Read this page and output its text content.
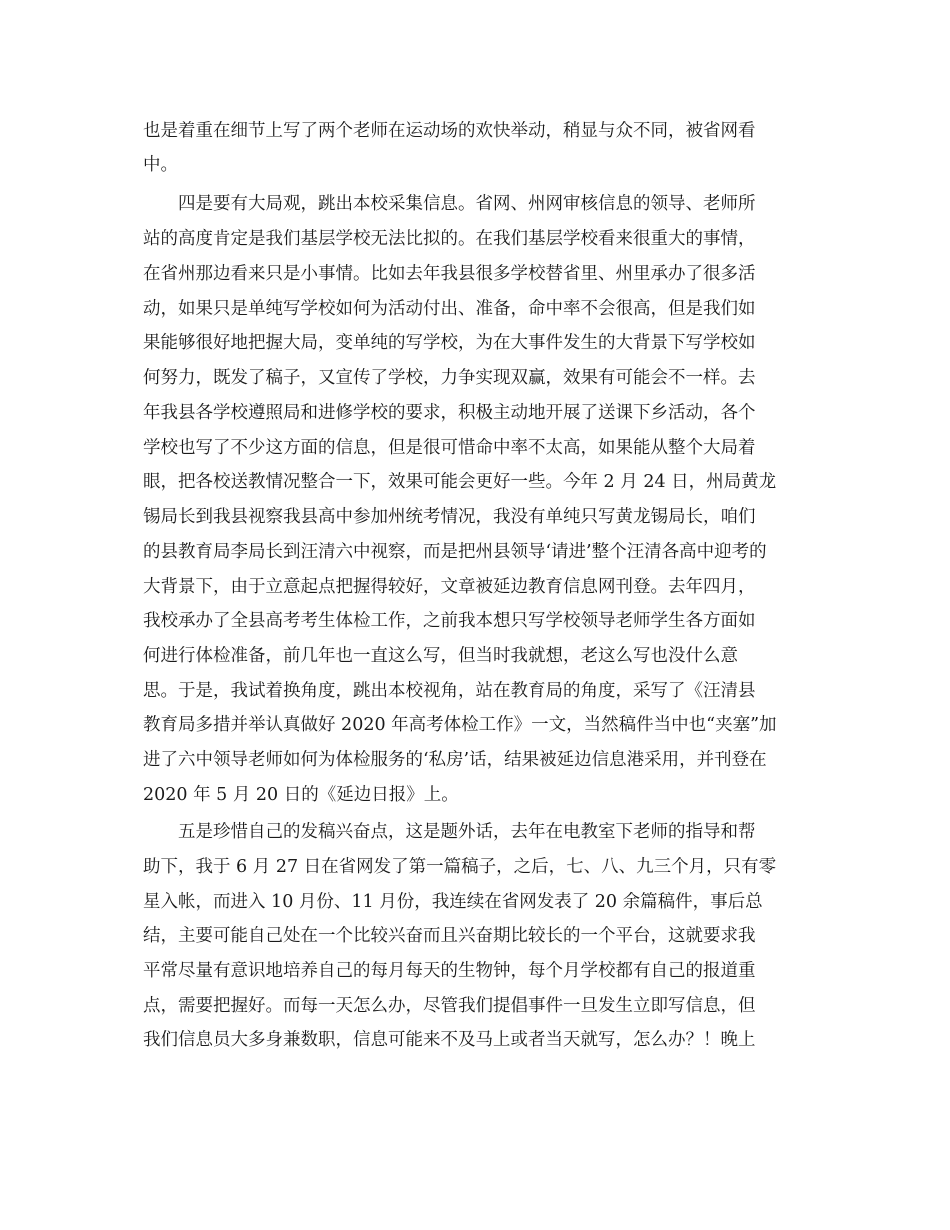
也是着重在细节上写了两个老师在运动场的欢快举动，稍显与众不同，被省网看
中。
四是要有大局观，跳出本校采集信息。省网、州网审核信息的领导、老师所
站的高度肯定是我们基层学校无法比拟的。在我们基层学校看来很重大的事情，
在省州那边看来只是小事情。比如去年我县很多学校替省里、州里承办了很多活
动，如果只是单纯写学校如何为活动付出、准备，命中率不会很高，但是我们如
果能够很好地把握大局，变单纯的写学校，为在大事件发生的大背景下写学校如
何努力，既发了稿子，又宣传了学校，力争实现双赢，效果有可能会不一样。去
年我县各学校遵照局和进修学校的要求，积极主动地开展了送课下乡活动，各个
学校也写了不少这方面的信息，但是很可惜命中率不太高，如果能从整个大局着
眼，把各校送教情况整合一下，效果可能会更好一些。今年 2 月 24 日，州局黄龙
锡局长到我县视察我县高中参加州统考情况，我没有单纯只写黄龙锡局长，咱们
的县教育局李局长到汪清六中视察，而是把州县领导‘请进’整个汪清各高中迎考的
大背景下，由于立意起点把握得较好，文章被延边教育信息网刊登。去年四月，
我校承办了全县高考考生体检工作，之前我本想只写学校领导老师学生各方面如
何进行体检准备，前几年也一直这么写，但当时我就想，老这么写也没什么意
思。于是，我试着换角度，跳出本校视角，站在教育局的角度，采写了《汪清县
教育局多措并举认真做好 2020 年高考体检工作》一文，当然稿件当中也“夹塞”加
进了六中领导老师如何为体检服务的‘私房’话，结果被延边信息港采用，并刊登在
2020 年 5 月 20 日的《延边日报》上。
五是珍惜自己的发稿兴奋点，这是题外话，去年在电教室下老师的指导和帮
助下，我于 6 月 27 日在省网发了第一篇稿子，之后，七、八、九三个月，只有零
星入帐，而进入 10 月份、11 月份，我连续在省网发表了 20 余篇稿件，事后总
结，主要可能自己处在一个比较兴奋而且兴奋期比较长的一个平台，这就要求我
平常尽量有意识地培养自己的每月每天的生物钟，每个月学校都有自己的报道重
点，需要把握好。而每一天怎么办，尽管我们提倡事件一旦发生立即写信息，但
我们信息员大多身兼数职，信息可能来不及马上或者当天就写，怎么办？！晚上
